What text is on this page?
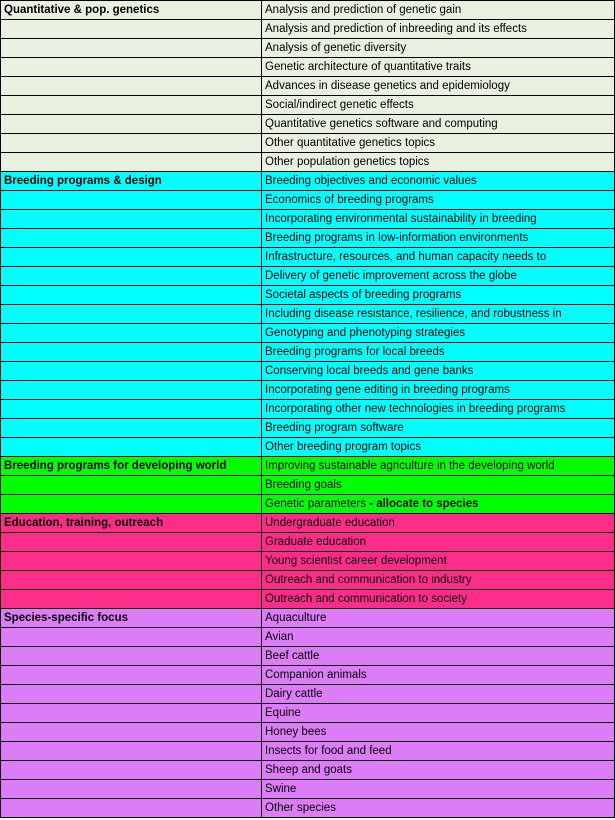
Quantitative & pop. genetics	Analysis and prediction of genetic gain
	Analysis and prediction of inbreeding and its effects
	Analysis of genetic diversity
	Genetic architecture of quantitative traits
	Advances in disease genetics and epidemiology
	Social/indirect genetic effects
	Quantitative genetics software and computing
	Other quantitative genetics topics
	Other population genetics topics
Breeding programs & design	Breeding objectives and economic values
	Economics of breeding programs
	Incorporating environmental sustainability in breeding
	Breeding programs in low-information environments
	Infrastructure, resources, and human capacity needs to
	Delivery of genetic improvement across the globe
	Societal aspects of breeding programs
	Including disease resistance, resilience, and robustness in
	Genotyping and phenotyping strategies
	Breeding programs for local breeds
	Conserving local breeds and gene banks
	Incorporating gene editing in breeding programs
	Incorporating other new technologies in breeding programs
	Breeding program software
	Other breeding program topics
Breeding programs for developing world	Improving sustainable agriculture in the developing world
	Breeding goals
	Genetic parameters - allocate to species
Education, training, outreach	Undergraduate education
	Graduate education
	Young scientist career development
	Outreach and communication to industry
	Outreach and communication to society
Species-specific focus	Aquaculture
	Avian
	Beef cattle
	Companion animals
	Dairy cattle
	Equine
	Honey bees
	Insects for food and feed
	Sheep and goats
	Swine
	Other species
